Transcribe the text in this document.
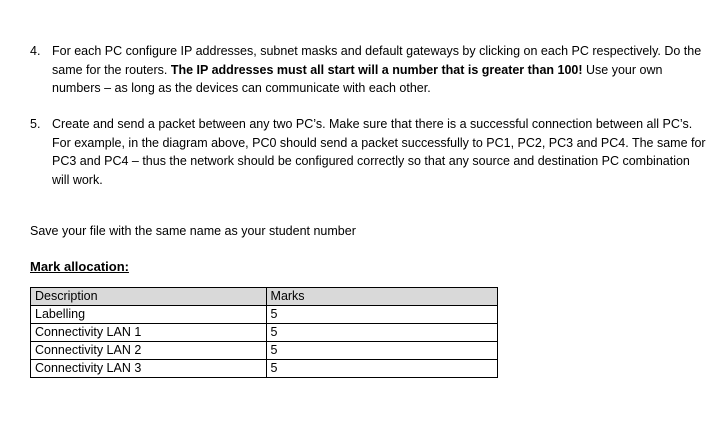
4. For each PC configure IP addresses, subnet masks and default gateways by clicking on each PC respectively. Do the same for the routers. The IP addresses must all start will a number that is greater than 100! Use your own numbers – as long as the devices can communicate with each other.
5. Create and send a packet between any two PC’s. Make sure that there is a successful connection between all PC’s. For example, in the diagram above, PC0 should send a packet successfully to PC1, PC2, PC3 and PC4. The same for PC3 and PC4 – thus the network should be configured correctly so that any source and destination PC combination will work.
Save your file with the same name as your student number
Mark allocation:
Description	Marks
Labelling	5
Connectivity LAN 1	5
Connectivity LAN 2	5
Connectivity LAN 3	5
